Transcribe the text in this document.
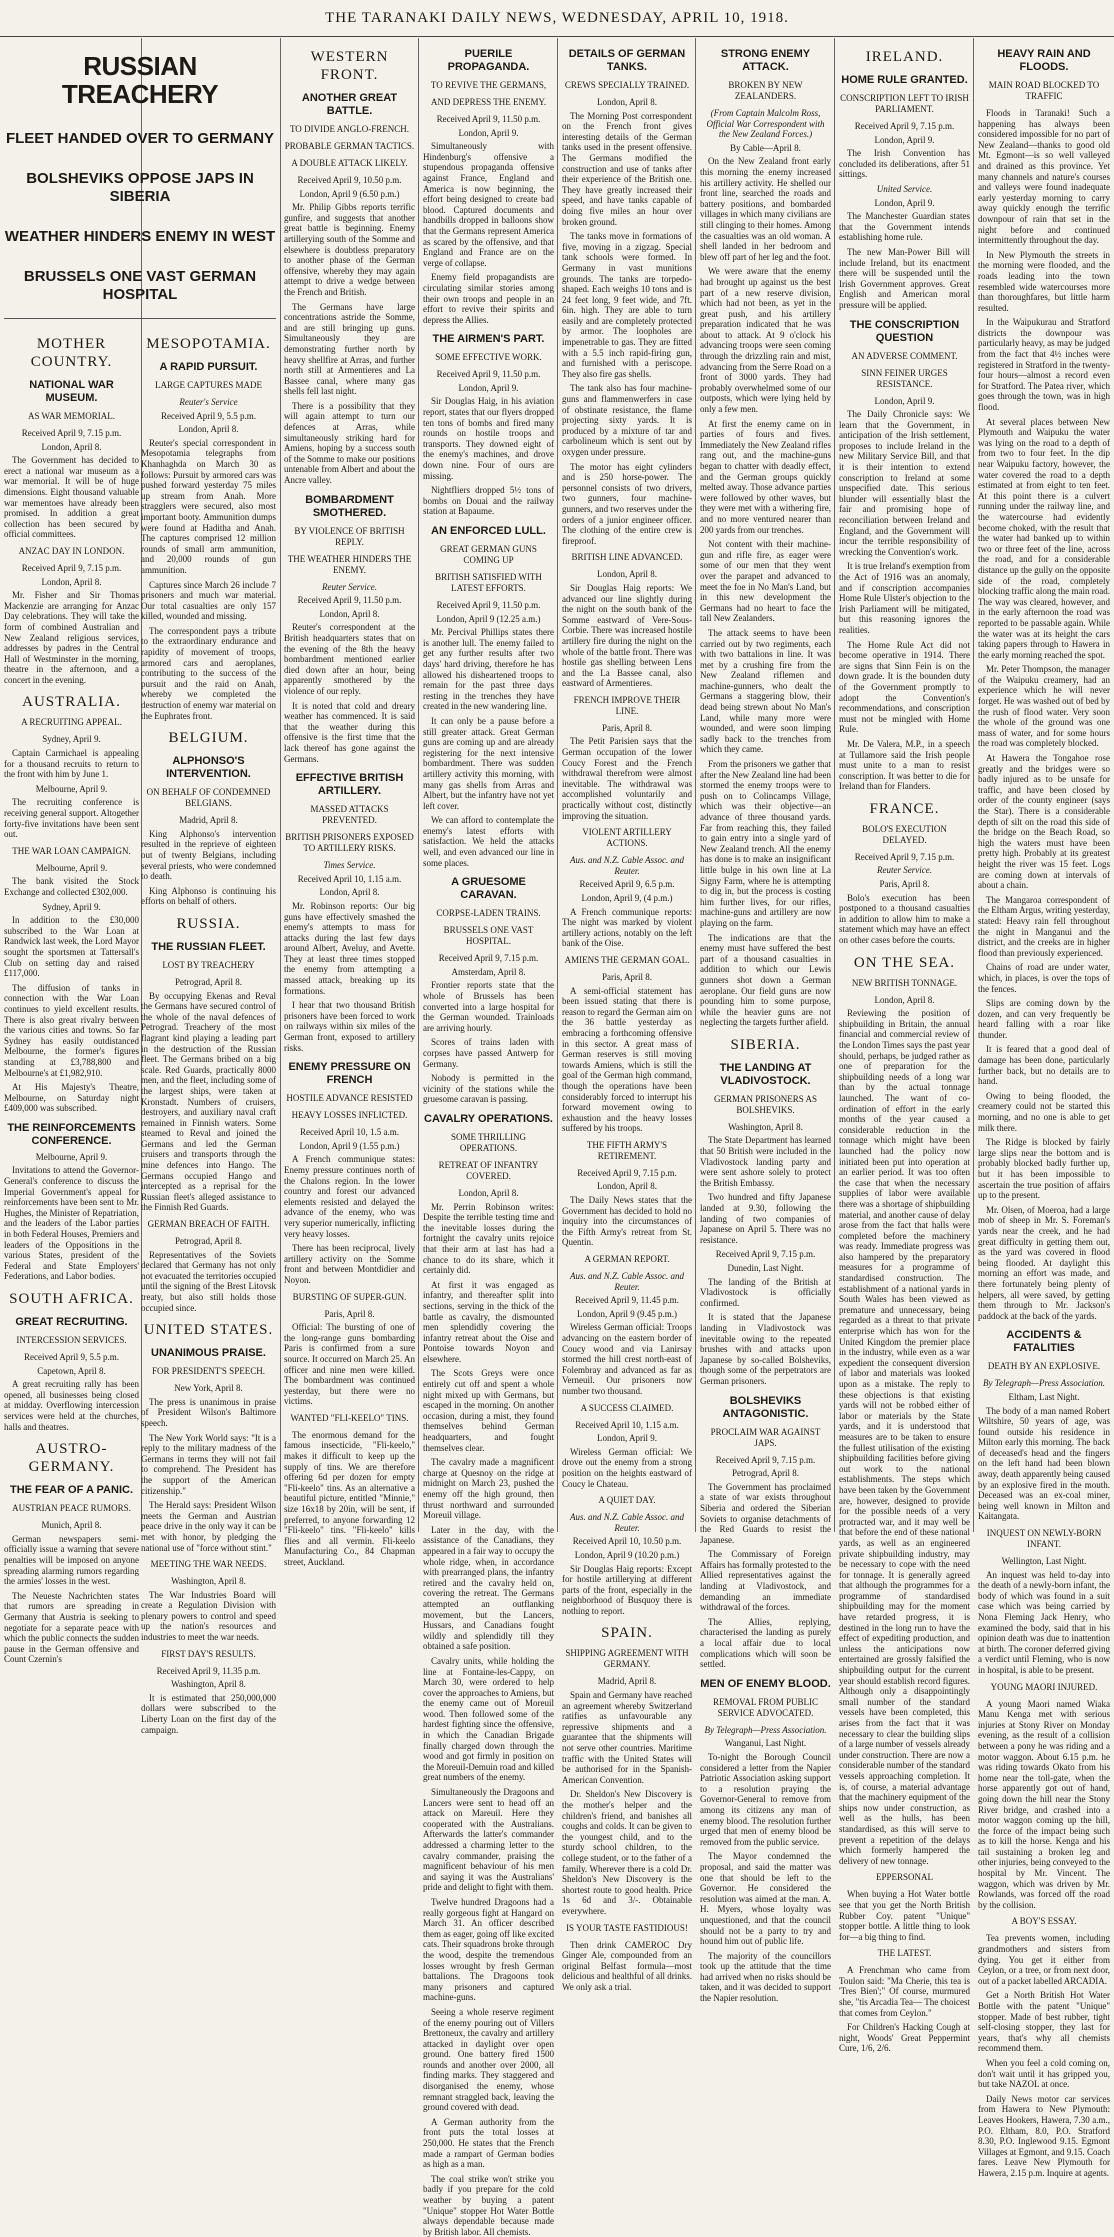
THE TARANAKI DAILY NEWS, WEDNESDAY, APRIL 10, 1918.
RUSSIAN TREACHERY
FLEET HANDED OVER TO GERMANY
BOLSHEVIKS OPPOSE JAPS IN SIBERIA
WEATHER HINDERS ENEMY IN WEST
BRUSSELS ONE VAST GERMAN HOSPITAL
MOTHER COUNTRY.
NATIONAL WAR MUSEUM.
AS WAR MEMORIAL.
Received April 9, 7.15 p.m.
London, April 8.

The Government has decided to erect a national war museum as a war memorial. It will be of huge dimensions. Eight thousand valuable war mementoes have already been promised. In addition a great collection has been secured by official committees.

ANZAC DAY IN LONDON.
Received April 9, 7.15 p.m.
London, April 8.

Mr. Fisher and Sir Thomas Mackenzie are arranging for Anzac Day celebrations. They will take the form of combined Australian and New Zealand religious services, addresses by padres in the Central Hall of Westminster in the morning, theatre in the afternoon, and a concert in the evening.

AUSTRALIA.
A RECRUITING APPEAL.
Sydney, April 9.

Captain Carmichael is appealing for a thousand recruits to return to the front with him by June 1.

Melbourne, April 9.

The recruiting conference is receiving general support. Altogether forty-five invitations have been sent out.

THE WAR LOAN CAMPAIGN.
Melbourne, April 9.

The bank visited the Stock Exchange and collected £302,000.

Sydney, April 9.

In addition to the £30,000 subscribed to the War Loan at Randwick last week, the Lord Mayor sought the sportsmen at Tattersall's Club on setting day and raised £117,000.

The diffusion of tanks in connection with the War Loan continues to yield excellent results. There is also great rivalry between the various cities and towns. So far Sydney has easily outdistanced Melbourne, the former's figures standing at £3,788,800 and Melbourne's at £1,982,910.

At His Majesty's Theatre, Melbourne, on Saturday night £409,000 was subscribed.

THE REINFORCEMENTS CONFERENCE.
Melbourne, April 9.

Invitations to attend the Governor-General's conference to discuss the Imperial Government's appeal for reinforcements have been sent to Mr. Hughes, the Minister of Repatriation, and the leaders of the Labor parties in both Federal Houses, Premiers and leaders of the Oppositions in the various States, president of the Federal and State Employers' Federations, and Labor bodies.

SOUTH AFRICA.
GREAT RECRUITING.
INTERCESSION SERVICES.
Received April 9, 5.5 p.m.
Capetown, April 8.

A great recruiting rally has been opened, all businesses being closed at midday. Overflowing intercession services were held at the churches, halls and theatres.

AUSTRO-GERMANY.
THE FEAR OF A PANIC.
AUSTRIAN PEACE RUMORS.
Munich, April 8.

German newspapers semi-officially issue a warning that severe penalties will be imposed on anyone spreading alarming rumors regarding the armies' losses in the west.

The Neueste Nachrichten states that rumors are spreading in Germany that Austria is seeking to negotiate for a separate peace with which the public connects the sudden pause in the German offensive and Count Czernin's

MESOPOTAMIA.
A RAPID PURSUIT.
LARGE CAPTURES MADE
Reuter's Service
Received April 9, 5.5 p.m.
London, April 8.

Reuter's special correspondent in Mesopotamia telegraphs from Khanhaghda on March 30 as follows: Pursuit by armored cars was pushed forward yesterday 75 miles up stream from Anah. More stragglers were secured, also most important booty. Ammunition dumps were found at Haditha and Anah. The captures comprised 12 million rounds of small arm ammunition, and 20,000 rounds of gun ammunition.

Captures since March 26 include 7 prisoners and much war material. Our total casualties are only 157 killed, wounded and missing.

The correspondent pays a tribute to the extraordinary endurance and rapidity of movement of troops, armored cars and aeroplanes, contributing to the success of the pursuit and the raid on Anah, whereby we completed the destruction of enemy war material on the Euphrates front.

BELGIUM.
ALPHONSO'S INTERVENTION.
ON BEHALF OF CONDEMNED BELGIANS.
Madrid, April 8.

King Alphonso's intervention resulted in the reprieve of eighteen out of twenty Belgians, including several priests, who were condemned to death.

King Alphonso is continuing his efforts on behalf of others.

RUSSIA.
THE RUSSIAN FLEET.
LOST BY TREACHERY
Petrograd, April 8.

By occupying Ekenas and Reval the Germans have secured control of the whole of the naval defences of Petrograd. Treachery of the most flagrant kind playing a leading part in the destruction of the Russian fleet. The Germans bribed on a big scale. Red Guards, practically 8000 men, and the fleet, including some of the largest ships, were taken at Kronstadt. Numbers of cruisers, destroyers, and auxiliary naval craft remained in Finnish waters. Some steamed to Reval and joined the Germans and led the German cruisers and transports through the mine defences into Hango. The Germans occupied Hango and intercepted as a reprisal for the Russian fleet's alleged assistance to the Finnish Red Guards.

GERMAN BREACH OF FAITH.
Petrograd, April 8.

Representatives of the Soviets declared that Germany has not only not evacuated the territories occupied until the signing of the Brest Litovsk treaty, but also still holds those occupied since.

UNITED STATES.
UNANIMOUS PRAISE.
FOR PRESIDENT'S SPEECH.
New York, April 8.

The press is unanimous in praise of President Wilson's Baltimore speech.

The New York World says: "It is a reply to the military madness of the Germans in terms they will not fail to comprehend. The President has the support of the American citizenship."

The Herald says: President Wilson meets the German and Austrian peace drive in the only way it can be met with honor, by pledging the national use of "force without stint."

MEETING THE WAR NEEDS.
Washington, April 8.

The War Industries Board will create a Regulation Division with plenary powers to control and speed up the nation's resources and industries to meet the war needs.

FIRST DAY'S RESULTS.
Received April 9, 11.35 p.m.
Washington, April 8.

It is estimated that 250,000,000 dollars were subscribed to the Liberty Loan on the first day of the campaign.

WESTERN FRONT.
ANOTHER GREAT BATTLE.
TO DIVIDE ANGLO-FRENCH.
PROBABLE GERMAN TACTICS.
A DOUBLE ATTACK LIKELY.
Received April 9, 10.50 p.m.
London, April 9 (6.50 p.m.)

Mr. Philip Gibbs reports terrific gunfire, and suggests that another great battle is beginning. Enemy artillerying south of the Somme and elsewhere is doubtless preparatory to another phase of the German offensive, whereby they may again attempt to drive a wedge between the French and British.

The Germans have large concentrations astride the Somme, and are still bringing up guns. Simultaneously they are demonstrating further north by heavy shellfire at Arras, and further north still at Armentieres and La Bassee canal, where many gas shells fell last night.

There is a possibility that they will again attempt to turn our defences at Arras, while simultaneously striking hard for Amiens, hoping by a success south of the Somme to make our positions untenable from Albert and about the Ancre valley.

BOMBARDMENT SMOTHERED.
BY VIOLENCE OF BRITISH REPLY.
THE WEATHER HINDERS THE ENEMY.
Reuter Service.
Received April 9, 11.50 p.m.
London, April 8.

Reuter's correspondent at the British headquarters states that on the evening of the 8th the heavy bombardment mentioned earlier died down after an hour, being apparently smothered by the violence of our reply.

It is noted that cold and dreary weather has commenced. It is said that the weather during this offensive is the first time that the lack thereof has gone against the Germans.

EFFECTIVE BRITISH ARTILLERY.
MASSED ATTACKS PREVENTED.
BRITISH PRISONERS EXPOSED TO ARTILLERY RISKS.
Times Service.
Received April 10, 1.15 a.m.
London, April 8.

Mr. Robinson reports: Our big guns have effectively smashed the enemy's attempts to mass for attacks during the last few days around Albert, Aveluy, and Avette. They at least three times stopped the enemy from attempting a massed attack, breaking up its formations.

I hear that two thousand British prisoners have been forced to work on railways within six miles of the German front, exposed to artillery risks.

ENEMY PRESSURE ON FRENCH
HOSTILE ADVANCE RESISTED
HEAVY LOSSES INFLICTED.
Received April 10, 1.5 a.m.
London, April 9 (1.55 p.m.)

A French communique states: Enemy pressure continues north of the Chalons region. In the lower country and forest our advanced elements resisted and delayed the advance of the enemy, who was very superior numerically, inflicting very heavy losses.

There has been reciprocal, lively artillery activity on the Somme front and between Montdidier and Noyon.

BURSTING OF SUPER-GUN.
Paris, April 8.

Official: The bursting of one of the long-range guns bombarding Paris is confirmed from a sure source. It occurred on March 25. An officer and nine men were killed. The bombardment was continued yesterday, but there were no victims.

WANTED "FLI-KEELO" TINS.

The enormous demand for the famous insecticide, "Fli-keelo," makes it difficult to keep up the supply of tins. We are therefore offering 6d per dozen for empty "Fli-keelo" tins. As an alternative a beautiful picture, entitled "Minnie," size 16x18 by 20in, will be sent, if preferred, to anyone forwarding 12 "Fli-keelo" tins. "Fli-keelo" kills flies and all vermin. Fli-keelo Manufacturing Co., 84 Chapman street, Auckland.

PUERILE PROPAGANDA.
TO REVIVE THE GERMANS,
AND DEPRESS THE ENEMY.
Received April 9, 11.50 p.m.
London, April 9.

Simultaneously with Hindenburg's offensive a stupendous propaganda offensive against France, England and America is now beginning, the effort being designed to create bad blood. Captured documents and handbills dropped in balloons show that the Germans represent America as scared by the offensive, and that England and France are on the verge of collapse.

Enemy field propagandists are circulating similar stories among their own troops and people in an effort to revive their spirits and depress the Allies.

THE AIRMEN'S PART.
SOME EFFECTIVE WORK.
Received April 9, 11.50 p.m.
London, April 9.

Sir Douglas Haig, in his aviation report, states that our flyers dropped ten tons of bombs and fired many rounds on hostile troops and transports. They downed eight of the enemy's machines, and drove down nine. Four of ours are missing.

Nightfliers dropped 5½ tons of bombs on Douai and the railway station at Bapaume.

AN ENFORCED LULL.
GREAT GERMAN GUNS COMING UP
BRITISH SATISFIED WITH LATEST EFFORTS.
Received April 9, 11.50 p.m.
London, April 9 (12.25 a.m.)

Mr. Percival Phillips states there is another lull. The enemy failed to get any further results after two days' hard driving, therefore he has allowed his disheartened troops to remain for the past three days resting in the trenches they have created in the new wandering line.

It can only be a pause before a still greater attack. Great German guns are coming up and are already registering for the next intensive bombardment. There was sudden artillery activity this morning, with many gas shells from Arras and Albert, but the infantry have not yet left cover.

We can afford to contemplate the enemy's latest efforts with satisfaction. We held the attacks well, and even advanced our line in some places.

A GRUESOME CARAVAN.
CORPSE-LADEN TRAINS.
BRUSSELS ONE VAST HOSPITAL.
Received April 9, 7.15 p.m.
Amsterdam, April 8.

Frontier reports state that the whole of Brussels has been converted into a large hospital for the German wounded. Trainloads are arriving hourly.

Scores of trains laden with corpses have passed Antwerp for Germany.

Nobody is permitted in the vicinity of the stations while the gruesome caravan is passing.

CAVALRY OPERATIONS.
SOME THRILLING OPERATIONS.
RETREAT OF INFANTRY COVERED.
London, April 8.

Mr. Perrin Robinson writes: Despite the terrible testing time and the inevitable losses during the fortnight the cavalry units rejoice that their arm at last has had a chance to do its share, which it certainly did.

At first it was engaged as infantry, and thereafter split into sections, serving in the thick of the battle as cavalry, the dismounted men splendidly covering the infantry retreat about the Oise and Pontoise towards Noyon and elsewhere.

The Scots Greys were once entirely cut off and spent a whole night mixed up with Germans, but escaped in the morning. On another occasion, during a mist, they found themselves behind German headquarters, and fought themselves clear.

The cavalry made a magnificent charge at Quesnoy on the ridge at midnight on March 23, pushed the enemy off the high ground, then thrust northward and surrounded Moreuil village.

Later in the day, with the assistance of the Canadians, they appeared in a fair way to occupy the whole ridge, when, in accordance with prearranged plans, the infantry retired and the cavalry held on, covering the retreat. The Germans attempted an outflanking movement, but the Lancers, Hussars, and Canadians fought wildly and splendidly till they obtained a safe position.

Cavalry units, while holding the line at Fontaine-les-Cappy, on March 30, were ordered to help cover the approaches to Amiens, but the enemy came out of Moreuil wood. Then followed some of the hardest fighting since the offensive, in which the Canadian Brigade finally charged down through the wood and got firmly in position on the Moreuil-Demuin road and killed great numbers of the enemy.

Simultaneously the Dragoons and Lancers were sent to head off an attack on Mareuil. Here they cooperated with the Australians. Afterwards the latter's commander addressed a charming letter to the cavalry commander, praising the magnificent behaviour of his men and saying it was the Australians' pride and delight to fight with them.

Twelve hundred Dragoons had a really gorgeous fight at Hangard on March 31. An officer described them as eager, going off like excited cats. Their squadrons broke through the wood, despite the tremendous losses wrought by fresh German battalions. The Dragoons took many prisoners and captured machine-guns.

Seeing a whole reserve regiment of the enemy pouring out of Villers Brettoneux, the cavalry and artillery attacked in daylight over open ground. One battery fired 1500 rounds and another over 2000, all finding marks. They staggered and disorganised the enemy, whose remnant straggled back, leaving the ground covered with dead.

A German authority from the front puts the total losses at 250,000. He states that the French made a rampart of German bodies as high as a man.

The coal strike won't strike you badly if you prepare for the cold weather by buying a patent "Unique" stopper Hot Water Bottle always dependable because made by British labor. All chemists.

DETAILS OF GERMAN TANKS.
CREWS SPECIALLY TRAINED.
London, April 8.

The Morning Post correspondent on the French front gives interesting details of the German tanks used in the present offensive. The Germans modified the construction and use of tanks after their experience of the British one. They have greatly increased their speed, and have tanks capable of doing five miles an hour over broken ground.

The tanks move in formations of five, moving in a zigzag. Special tank schools were formed. In Germany in vast munitions grounds. The tanks are torpedo-shaped. Each weighs 10 tons and is 24 feet long, 9 feet wide, and 7ft. 6in. high. They are able to turn easily and are completely protected by armor. The loopholes are impenetrable to gas. They are fitted with a 5.5 inch rapid-firing gun, and furnished with a periscope. They also fire gas shells.

The tank also has four machine-guns and flammenwerfers in case of obstinate resistance, the flame projecting sixty yards. It is produced by a mixture of tar and carbolineum which is sent out by oxygen under pressure.

The motor has eight cylinders and is 250 horse-power. The personnel consists of two drivers, two gunners, four machine-gunners, and two reserves under the orders of a junior engineer officer. The clothing of the entire crew is fireproof.

BRITISH LINE ADVANCED.
London, April 8.

Sir Douglas Haig reports: We advanced our line slightly during the night on the south bank of the Somme eastward of Vere-Sous-Corbie. There was increased hostile artillery fire during the night on the whole of the battle front. There was hostile gas shelling between Lens and the La Bassee canal, also eastward of Armentieres.

FRENCH IMPROVE THEIR LINE.
Paris, April 8.

The Petit Parisien says that the German occupation of the lower Coucy Forest and the French withdrawal therefrom were almost inevitable. The withdrawal was accomplished voluntarily and practically without cost, distinctly improving the situation.

VIOLENT ARTILLERY ACTIONS.
Aus. and N.Z. Cable Assoc. and Reuter.
Received April 9, 6.5 p.m.
London, April 9, (4 p.m.)

A French communique reports: The night was marked by violent artillery actions, notably on the left bank of the Oise.

AMIENS THE GERMAN GOAL.
Paris, April 8.

A semi-official statement has been issued stating that there is reason to regard the German aim on the 36 battle yesterday as embracing a forthcoming offensive in this sector. A great mass of German reserves is still moving towards Amiens, which is still the goal of the German high command, though the operations have been considerably forced to interrupt his forward movement owing to exhaustion and the heavy losses suffered by his troops.

THE FIFTH ARMY'S RETIREMENT.
Received April 9, 7.15 p.m.
London, April 8.

The Daily News states that the Government has decided to hold no inquiry into the circumstances of the Fifth Army's retreat from St. Quentin.

A GERMAN REPORT.
Aus. and N.Z. Cable Assoc. and Reuter.
Received April 9, 11.45 p.m.
London, April 9 (9.45 p.m.)

Wireless German official: Troops advancing on the eastern border of Coucy wood and via Lanirsay stormed the hill crest north-east of Folembray and advanced as far as Verneuil. Our prisoners now number two thousand.

A SUCCESS CLAIMED.
Received April 10, 1.15 a.m.
London, April 9.

Wireless German official: We drove out the enemy from a strong position on the heights eastward of Coucy le Chateau.

A QUIET DAY.
Aus. and N.Z. Cable Assoc. and Reuter.
Received April 10, 10.50 p.m.
London, April 9 (10.20 p.m.)

Sir Douglas Haig reports: Except for hostile artillerying at different parts of the front, especially in the neighborhood of Busquoy there is nothing to report.

SPAIN.
SHIPPING AGREEMENT WITH GERMANY.
Madrid, April 8.

Spain and Germany have reached an agreement whereby Switzerland ratifies as unfavourable any repressive shipments and a guarantee that the shipments will not serve other countries. Maritime traffic with the United States will be authorised for in the Spanish-American Convention.

Dr. Sheldon's New Discovery is the mother's helper and the children's friend, and banishes all coughs and colds. It can be given to the youngest child, and to the sturdy school children, to the college student, or to the father of a family. Wherever there is a cold Dr. Sheldon's New Discovery is the shortest route to good health. Price 1s 6d and 3/-. Obtainable everywhere.

IS YOUR TASTE FASTIDIOUS!

Then drink CAMEROC Dry Ginger Ale, compounded from an original Belfast formula—most delicious and healthful of all drinks. We only ask a trial.

STRONG ENEMY ATTACK.
BROKEN BY NEW ZEALANDERS.
(From Captain Malcolm Ross, Official War Correspondent with the New Zealand Forces.)
By Cable—April 8.

On the New Zealand front early this morning the enemy increased his artillery activity. He shelled our front line, searched the roads and battery positions, and bombarded villages in which many civilians are still clinging to their homes. Among the casualties was an old woman. A shell landed in her bedroom and blew off part of her leg and the foot.

We were aware that the enemy had brought up against us the best part of a new reserve division, which had not been, as yet in the great push, and his artillery preparation indicated that he was about to attack. At 9 o'clock his advancing troops were seen coming through the drizzling rain and mist, advancing from the Serre Road on a front of 3000 yards. They had probably overwhelmed some of our outposts, which were lying held by only a few men.

At first the enemy came on in parties of fours and fives. Immediately the New Zealand rifles rang out, and the machine-guns began to chatter with deadly effect, and the German groups quickly melted away. Those advance parties were followed by other waves, but they were met with a withering fire, and no more ventured nearer than 200 yards from our trenches.

Not content with their machine-gun and rifle fire, as eager were some of our men that they went over the parapet and advanced to meet the foe in No Man's Land, but in this new development the Germans had no heart to face the tall New Zealanders.

The attack seems to have been carried out by two regiments, each with two battalions in line. It was met by a crushing fire from the New Zealand riflemen and machine-gunners, who dealt the Germans a staggering blow, their dead being strewn about No Man's Land, while many more were wounded, and were soon limping sadly back to the trenches from which they came.

From the prisoners we gather that after the New Zealand line had been stormed the enemy troops were to push on to Colincamps Village, which was their objective—an advance of three thousand yards. Far from reaching this, they failed to gain entry into a single yard of New Zealand trench. All the enemy has done is to make an insignificant little bulge in his own line at La Signy Farm, where he is attempting to dig in, but the process is costing him further lives, for our rifles, machine-guns and artillery are now playing on the farm.

The indications are that the enemy must have suffered the best part of a thousand casualties in addition to which our Lewis gunners shot down a German aeroplane. Our field guns are now pounding him to some purpose, while the heavier guns are not neglecting the targets further afield.

SIBERIA.
THE LANDING AT VLADIVOSTOCK.
GERMAN PRISONERS AS BOLSHEVIKS.
Washington, April 8.

The State Department has learned that 50 British were included in the Vladivostock landing party and were sent ashore solely to protect the British Embassy.

Two hundred and fifty Japanese landed at 9.30, following the landing of two companies of Japanese on April 5. There was no resistance.

Received April 9, 7.15 p.m.
Dunedin, Last Night.

The landing of the British at Vladivostock is officially confirmed.

It is stated that the Japanese landing in Vladivostock was inevitable owing to the repeated brushes with and attacks upon Japanese by so-called Bolsheviks, though some of the perpetrators are German prisoners.

BOLSHEVIKS ANTAGONISTIC.
PROCLAIM WAR AGAINST JAPS.
Received April 9, 7.15 p.m.
Petrograd, April 8.

The Government has proclaimed a state of war exists throughout Siberia and ordered the Siberian Soviets to organise detachments of the Red Guards to resist the Japanese.

The Commissary of Foreign Affairs has formally protested to the Allied representatives against the landing at Vladivostock, and demanding an immediate withdrawal of the forces.

The Allies, replying, characterised the landing as purely a local affair due to local complications which will soon be settled.

MEN OF ENEMY BLOOD.
REMOVAL FROM PUBLIC SERVICE ADVOCATED.
By Telegraph—Press Association.
Wanganui, Last Night.

To-night the Borough Council considered a letter from the Napier Patriotic Association asking support to a resolution praying the Governor-General to remove from among its citizens any man of enemy blood. The resolution further urged that men of enemy blood be removed from the public service.

The Mayor condemned the proposal, and said the matter was one that should be left to the Governor. He considered the resolution was aimed at the man. A. H. Myers, whose loyalty was unquestioned, and that the council should not be a party to try and hound him out of public life.

The majority of the councillors took up the attitude that the time had arrived when no risks should be taken, and it was decided to support the Napier resolution.

IRELAND.
HOME RULE GRANTED.
CONSCRIPTION LEFT TO IRISH PARLIAMENT.
Received April 9, 7.15 p.m.
London, April 9.

The Irish Convention has concluded its deliberations, after 51 sittings.

United Service.
London, April 9.

The Manchester Guardian states that the Government intends establishing home rule.

The new Man-Power Bill will include Ireland, but its enactment there will be suspended until the Irish Government approves. Great English and American moral pressure will be applied.

THE CONSCRIPTION QUESTION
AN ADVERSE COMMENT.
SINN FEINER URGES RESISTANCE.
London, April 9.

The Daily Chronicle says: We learn that the Government, in anticipation of the Irish settlement, proposes to include Ireland in the new Military Service Bill, and that it is their intention to extend conscription to Ireland at some unspecified date. This serious blunder will essentially blast the fair and promising hope of reconciliation between Ireland and England, and the Government will incur the terrible responsibility of wrecking the Convention's work.

It is true Ireland's exemption from the Act of 1916 was an anomaly, and if conscription accompanies Home Rule Ulster's objection to the Irish Parliament will be mitigated, but this reasoning ignores the realities.

The Home Rule Act did not become operative in 1914. There are signs that Sinn Fein is on the down grade. It is the bounden duty of the Government promptly to adopt the Convention's recommendations, and conscription must not be mingled with Home Rule.

Mr. De Valera, M.P., in a speech at Tullamore said the Irish people must unite to a man to resist conscription. It was better to die for Ireland than for Flanders.

FRANCE.
BOLO'S EXECUTION DELAYED.
Received April 9, 7.15 p.m.
Reuter Service.
Paris, April 8.

Bolo's execution has been postponed to a thousand casualties in addition to allow him to make a statement which may have an effect on other cases before the courts.

ON THE SEA.
NEW BRITISH TONNAGE.
London, April 8.

Reviewing the position of shipbuilding in Britain, the annual financial and commercial review of the London Times says the past year should, perhaps, be judged rather as one of preparation for the shipbuilding needs of a long war than by the actual tonnage launched. The want of co-ordination of effort in the early months of the year caused a considerable reduction in the tonnage which might have been launched had the policy now initiated been put into operation at an earlier period. It was too often the case that when the necessary supplies of labor were available there was a shortage of shipbuilding material, and another cause of delay arose from the fact that halls were completed before the machinery was ready. Immediate progress was also hampered by the preparatory measures for a programme of standardised construction. The establishment of a national yards in South Wales has been viewed as premature and unnecessary, being regarded as a threat to that private enterprise which has won for the United Kingdom the premier place in the industry, while even as a war expedient the consequent diversion of labor and materials was looked upon as a mistake. The reply to these objections is that existing yards will not be robbed either of labor or materials by the State yards, and it is understood that measures are to be taken to ensure the fullest utilisation of the existing shipbuilding facilities before giving out work to the national establishments. The steps which have been taken by the Government are, however, designed to provide for the possible needs of a very protracted war, and it may well be that before the end of these national yards, as well as an engineered private shipbuilding industry, may be necessary to cope with the need for tonnage. It is generally agreed that although the programmes for a programme of standardised shipbuilding may for the moment have retarded progress, it is destined in the long run to have the effect of expediting production, and unless the anticipations now entertained are grossly falsified the shipbuilding output for the current year should establish record figures. Although only a disappointingly small number of the standard vessels have been completed, this arises from the fact that it was necessary to clear the building slips of a large number of vessels already under construction. There are now a considerable number of the standard vessels approaching completion. It is, of course, a material advantage that the machinery equipment of the ships now under construction, as well as the hulls, has been standardised, as this will serve to prevent a repetition of the delays which formerly hampered the delivery of new tonnage.

EPPERSONAL

When buying a Hot Water bottle see that you get the North British Rubber Coy. patent "Unique" stopper bottle. A little thing to look for—a big thing to find.

THE LATEST.

A Frenchman who came from Toulon said: "Ma Cherie, this tea is 'Tres Bien';" Of course, murmured she, "tis Arcadia Tea— The choicest that comes from Ceylon."

For Children's Hacking Cough at night, Woods' Great Peppermint Cure, 1/6, 2/6.

HEAVY RAIN AND FLOODS.
MAIN ROAD BLOCKED TO TRAFFIC

Floods in Taranaki! Such a happening has always been considered impossible for no part of New Zealand—thanks to good old Mt. Egmont—is so well valleyed and drained as this province. Yet many channels and nature's courses and valleys were found inadequate early yesterday morning to carry away quickly enough the terrific downpour of rain that set in the night before and continued intermittently throughout the day.

In New Plymouth the streets in the morning were flooded, and the roads leading into the town resembled wide watercourses more than thoroughfares, but little harm resulted.

In the Waipukurau and Stratford districts the downpour was particularly heavy, as may be judged from the fact that 4½ inches were registered in Stratford in the twenty-four hours—almost a record even for Stratford. The Patea river, which goes through the town, was in high flood.

At several places between New Plymouth and Waipuku the water was lying on the road to a depth of from two to four feet. In the dip near Waipuku factory, however, the water covered the road to a depth estimated at from eight to ten feet. At this point there is a culvert running under the railway line, and the watercourse had evidently become choked, with the result that the water had banked up to within two or three feet of the line, across the road, and for a considerable distance up the gully on the opposite side of the road, completely blocking traffic along the main road. The way was cleared, however, and in the early afternoon the road was reported to be passable again. While the water was at its height the cars taking papers through to Hawera in the early morning reached the spot.

Mr. Peter Thompson, the manager of the Waipuku creamery, had an experience which he will never forget. He was washed out of bed by the rush of flood water. Very soon the whole of the ground was one mass of water, and for some hours the road was completely blocked.

At Hawera the Tongahoe rose greatly and the bridges were so badly injured as to be unsafe for traffic, and have been closed by order of the county engineer (says the Star). There is a considerable depth of silt on the road this side of the bridge on the Beach Road, so high the waters must have been pretty high. Probably at its greatest height the river was 15 feet. Logs are coming down at intervals of about a chain.

The Mangaroa correspondent of the Eltham Argus, writing yesterday, stated: Heavy rain fell throughout the night in Manganui and the district, and the creeks are in higher flood than previously experienced.

Chains of road are under water, which, in places, is over the tops of the fences.

Slips are coming down by the dozen, and can very frequently be heard falling with a roar like thunder.

It is feared that a good deal of damage has been done, particularly further back, but no details are to hand.

Owing to being flooded, the creamery could not be started this morning, and no one is able to get milk there.

The Ridge is blocked by fairly large slips near the bottom and is probably blocked badly further up, but it has been impossible to ascertain the true position of affairs up to the present.

Mr. Olsen, of Moeroa, had a large mob of sheep in Mr. S. Foreman's yards near the creek, and he had great difficulty in getting them out, as the yard was covered in flood being flooded. At daylight this morning an effort was made, and there fortunately being plenty of helpers, all were saved, by getting them through to Mr. Jackson's paddock at the back of the yards.

ACCIDENTS & FATALITIES
DEATH BY AN EXPLOSIVE.
By Telegraph—Press Association.
Eltham, Last Night.

The body of a man named Robert Wiltshire, 50 years of age, was found outside his residence in Milton early this morning. The back of deceased's head and the fingers on the left hand had been blown away, death apparently being caused by an explosive fired in the mouth. Deceased was an ex-coal miner, being well known in Milton and Kaitangata.

INQUEST ON NEWLY-BORN INFANT.
Wellington, Last Night.

An inquest was held to-day into the death of a newly-born infant, the body of which was found in a suit case which was being carried by Nona Fleming Jack Henry, who examined the body, said that in his opinion death was due to inattention at birth. The coroner deferred giving a verdict until Fleming, who is now in hospital, is able to be present.

YOUNG MAORI INJURED.

A young Maori named Wiaka Manu Kenga met with serious injuries at Stony River on Monday evening, as the result of a collision between a pony he was riding and a motor waggon. About 6.15 p.m. he was riding towards Okato from his home near the toll-gate, when the horse apparently got out of hand, going down the hill near the Stony River bridge, and crashed into a motor waggon coming up the hill, the force of the impact being such as to kill the horse. Kenga and his tail sustaining a broken leg and other injuries, being conveyed to the hospital by Mr. Vincent. The waggon, which was driven by Mr. Rowlands, was forced off the road by the collision.

A BOY'S ESSAY.

Tea prevents women, including grandmothers and sisters from dying. You get it either from Ceylon, or a tree, or from next door, out of a packet labelled ARCADIA.

Get a North British Hot Water Bottle with the patent "Unique" stopper. Made of best rubber, tight self-closing stopper, they last for years, that's why all chemists recommend them.

When you feel a cold coming on, don't wait until it has gripped you, but take NAZOL at once.

Daily News motor car services from Hawera to New Plymouth: Leaves Hookers, Hawera, 7.30 a.m., P.O. Eltham, 8.0, P.O. Stratford 8.30, P.O. Inglewood 9.15. Egmont Villages at Egmont, and 9.15. Coach fares. Leave New Plymouth for Hawera, 2.15 p.m. Inquire at agents.
